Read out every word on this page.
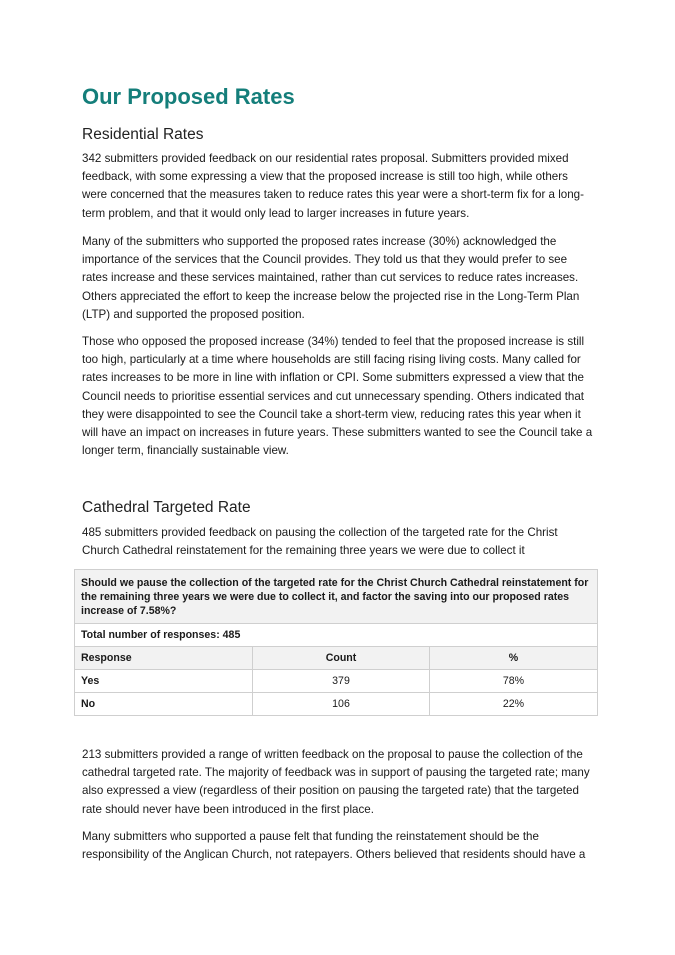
Our Proposed Rates
Residential Rates

342 submitters provided feedback on our residential rates proposal. Submitters provided mixed feedback, with some expressing a view that the proposed increase is still too high, while others were concerned that the measures taken to reduce rates this year were a short-term fix for a long-term problem, and that it would only lead to larger increases in future years.

Many of the submitters who supported the proposed rates increase (30%) acknowledged the importance of the services that the Council provides. They told us that they would prefer to see rates increase and these services maintained, rather than cut services to reduce rates increases. Others appreciated the effort to keep the increase below the projected rise in the Long-Term Plan (LTP) and supported the proposed position.

Those who opposed the proposed increase (34%) tended to feel that the proposed increase is still too high, particularly at a time where households are still facing rising living costs. Many called for rates increases to be more in line with inflation or CPI. Some submitters expressed a view that the Council needs to prioritise essential services and cut unnecessary spending. Others indicated that they were disappointed to see the Council take a short-term view, reducing rates this year when it will have an impact on increases in future years. These submitters wanted to see the Council take a longer term, financially sustainable view.

Cathedral Targeted Rate

485 submitters provided feedback on pausing the collection of the targeted rate for the Christ Church Cathedral reinstatement for the remaining three years we were due to collect it

Should we pause the collection of the targeted rate for the Christ Church Cathedral reinstatement for the remaining three years we were due to collect it, and factor the saving into our proposed rates increase of 7.58%?		
Total number of responses: 485		
Response	Count	%
Yes	379	78%
No	106	22%

213 submitters provided a range of written feedback on the proposal to pause the collection of the cathedral targeted rate. The majority of feedback was in support of pausing the targeted rate; many also expressed a view (regardless of their position on pausing the targeted rate) that the targeted rate should never have been introduced in the first place.

Many submitters who supported a pause felt that funding the reinstatement should be the responsibility of the Anglican Church, not ratepayers. Others believed that residents should have a
